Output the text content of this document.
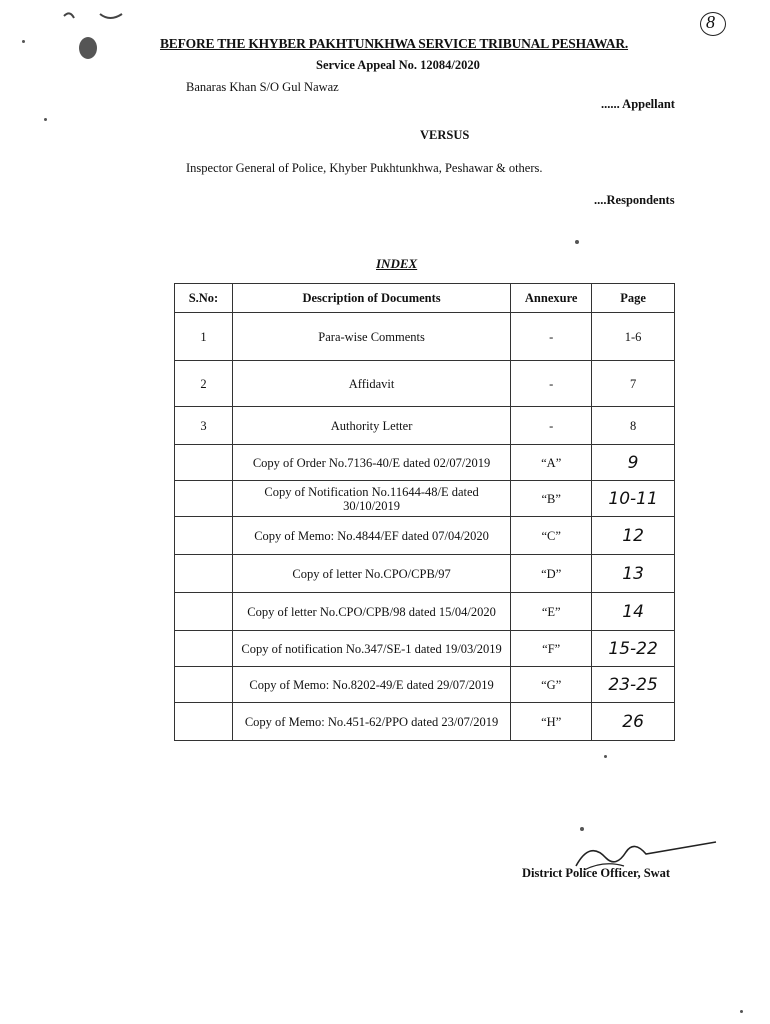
8
BEFORE THE KHYBER PAKHTUNKHWA SERVICE TRIBUNAL PESHAWAR.
Service Appeal No. 12084/2020
Banaras Khan S/O Gul Nawaz
...... Appellant
VERSUS
Inspector General of Police, Khyber Pukhtunkhwa, Peshawar & others.
....Respondents
INDEX
S.No:	Description of Documents	Annexure	Page
1	Para-wise Comments	-	1-6
2	Affidavit	-	7
3	Authority Letter	-	8
	Copy of Order No.7136-40/E dated 02/07/2019	“A”	9
	Copy of Notification No.11644-48/E dated 30/10/2019	“B”	10-11
	Copy of Memo: No.4844/EF dated 07/04/2020	“C”	12
	Copy of letter No.CPO/CPB/97	“D”	13
	Copy of letter No.CPO/CPB/98 dated 15/04/2020	“E”	14
	Copy of notification No.347/SE-1 dated 19/03/2019	“F”	15-22
	Copy of Memo: No.8202-49/E dated 29/07/2019	“G”	23-25
	Copy of Memo: No.451-62/PPO dated 23/07/2019	“H”	26
District Police Officer, Swat
